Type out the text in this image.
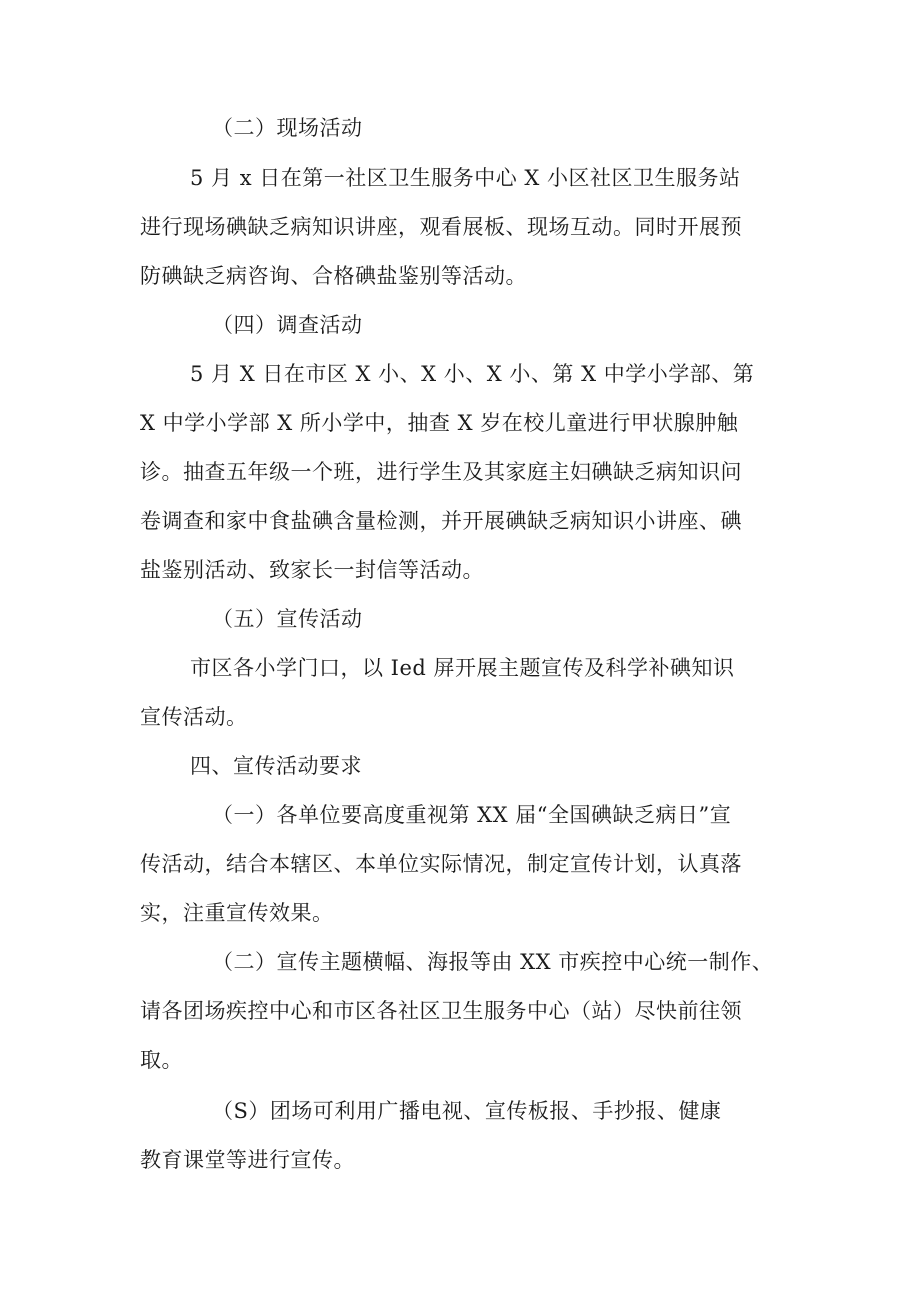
（二）现场活动
5 月 x 日在第一社区卫生服务中心 X 小区社区卫生服务站
进行现场碘缺乏病知识讲座，观看展板、现场互动。同时开展预
防碘缺乏病咨询、合格碘盐鉴别等活动。
（四）调查活动
5 月 X 日在市区 X 小、X 小、X 小、第 X 中学小学部、第
X 中学小学部 X 所小学中，抽查 X 岁在校儿童进行甲状腺肿触
诊。抽查五年级一个班，进行学生及其家庭主妇碘缺乏病知识问
卷调查和家中食盐碘含量检测，并开展碘缺乏病知识小讲座、碘
盐鉴别活动、致家长一封信等活动。
（五）宣传活动
市区各小学门口，以 Ied 屏开展主题宣传及科学补碘知识
宣传活动。
四、宣传活动要求
（一）各单位要高度重视第 XX 届“全国碘缺乏病日”宣
传活动，结合本辖区、本单位实际情况，制定宣传计划，认真落
实，注重宣传效果。
（二）宣传主题横幅、海报等由 XX 市疾控中心统一制作、
请各团场疾控中心和市区各社区卫生服务中心（站）尽快前往领
取。
（S）团场可利用广播电视、宣传板报、手抄报、健康
教育课堂等进行宣传。
